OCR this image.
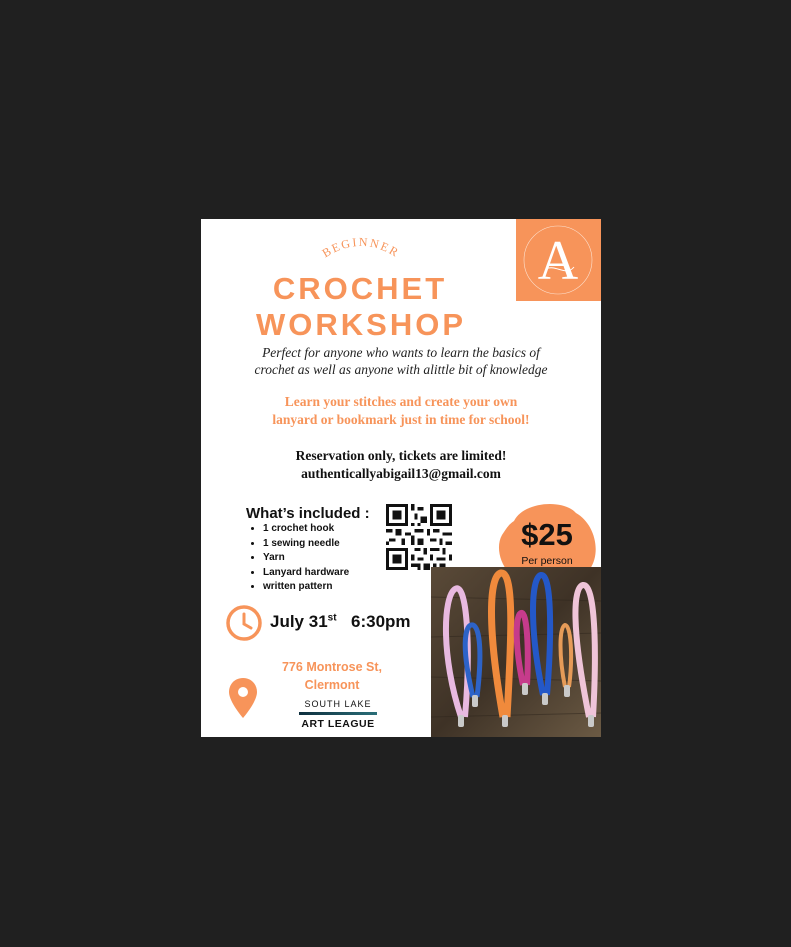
A
BEGINNER
CROCHET
WORKSHOP
Perfect for anyone who wants to learn the basics of
crochet as well as anyone with alittle bit of knowledge
Learn your stitches and create your own
lanyard or bookmark just in time for school!
Reservation only, tickets are limited!
authenticallyabigail13@gmail.com
What’s included :
• 1 crochet hook
• 1 sewing needle
• Yarn
• Lanyard hardware
• written pattern
$25
Per person
July 31st 6:30pm
776 Montrose St,
Clermont
SOUTH LAKE
ART LEAGUE
